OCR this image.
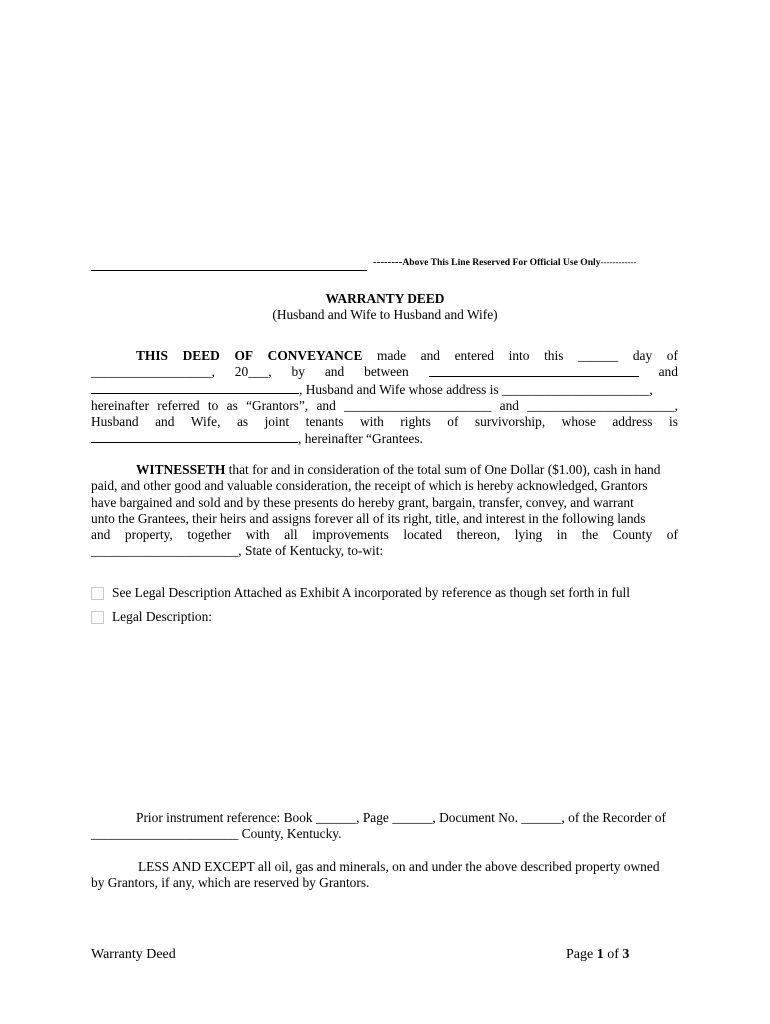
--------Above This Line Reserved For Official Use Only------------
WARRANTY DEED
(Husband and Wife to Husband and Wife)
THIS DEED OF CONVEYANCE made and entered into this ______ day of
__________________, 20___, by and between	and
, Husband and Wife whose address is ______________________,
hereinafter referred to as “Grantors”, and ______________________ and ______________________,
Husband and Wife, as joint tenants with rights of survivorship, whose address is
, hereinafter “Grantees.
WITNESSETH that for and in consideration of the total sum of One Dollar ($1.00), cash in hand
paid, and other good and valuable consideration, the receipt of which is hereby acknowledged, Grantors
have bargained and sold and by these presents do hereby grant, bargain, transfer, convey, and warrant
unto the Grantees, their heirs and assigns forever all of its right, title, and interest in the following lands
and property, together with all improvements located thereon, lying in the County of
______________________, State of Kentucky, to-wit:
See Legal Description Attached as Exhibit A incorporated by reference as though set forth in full
Legal Description:
Prior instrument reference: Book ______, Page ______, Document No. ______, of the Recorder of
______________________ County, Kentucky.
LESS AND EXCEPT all oil, gas and minerals, on and under the above described property owned
by Grantors, if any, which are reserved by Grantors.
Warranty Deed	Page 1 of 3
